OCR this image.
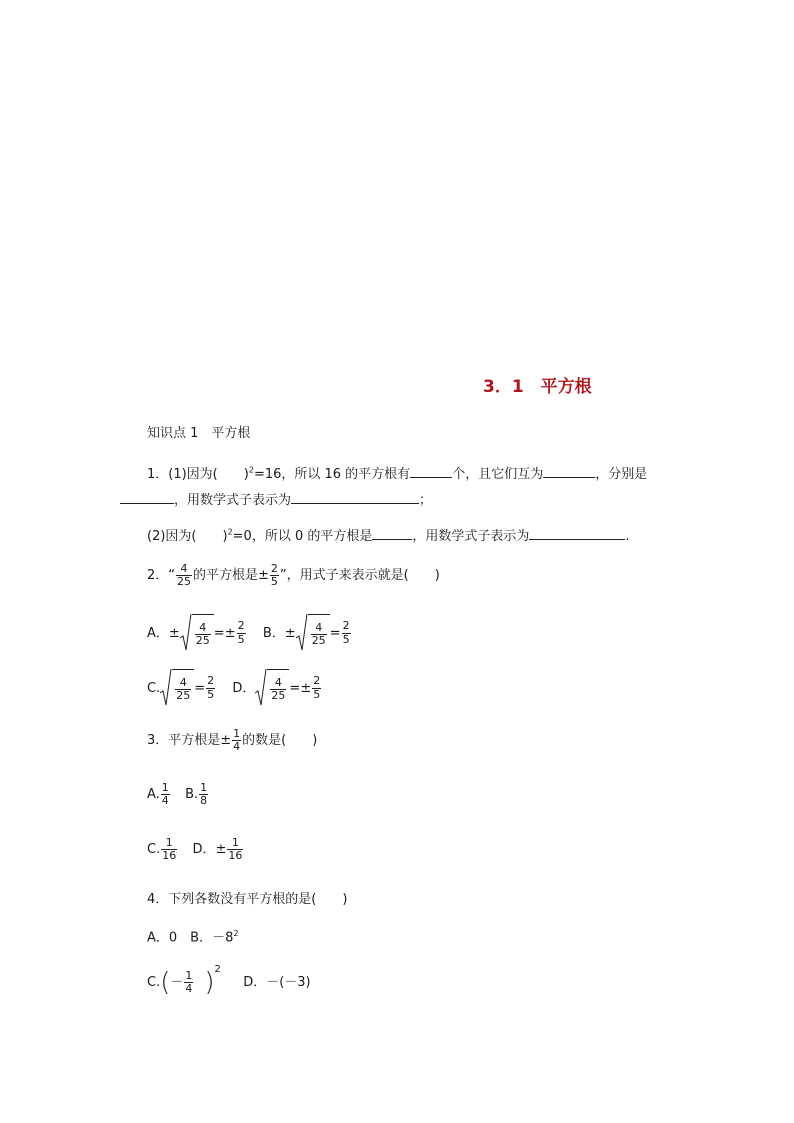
3．1　平方根
知识点 1　平方根
1．(1)因为(　　)$^2$=16，所以 16 的平方根有	个，且它们互为	，分别是
，用数学式子表示为	；
(2)因为(　　)$^2$=0，所以 0 的平方根是	，用数学式子表示为	.
2．“ $\frac{4}{25}$ 的平方根是± $\frac{2}{5}$ ”，用式子来表示就是(　　)
A．± $\frac{4}{25} =\pm \frac{2}{5}$ B．± $\frac{4}{25} = \frac{2}{5}$
C. $\frac{4}{25} = \frac{2}{5}$ D． $\frac{4}{25} =\pm \frac{2}{5}$
3．平方根是± $\frac{1}{4}$ 的数是(　　)
A. $\frac{1}{4} B$. $\frac{1}{8}$
C. $\frac{1}{16}$ D．± $\frac{1}{16}$
4．下列各数没有平方根的是(　　)
A．0　B．$-8^2$
$C.(- \frac{1}{4} )^2$  D．－(－3)
